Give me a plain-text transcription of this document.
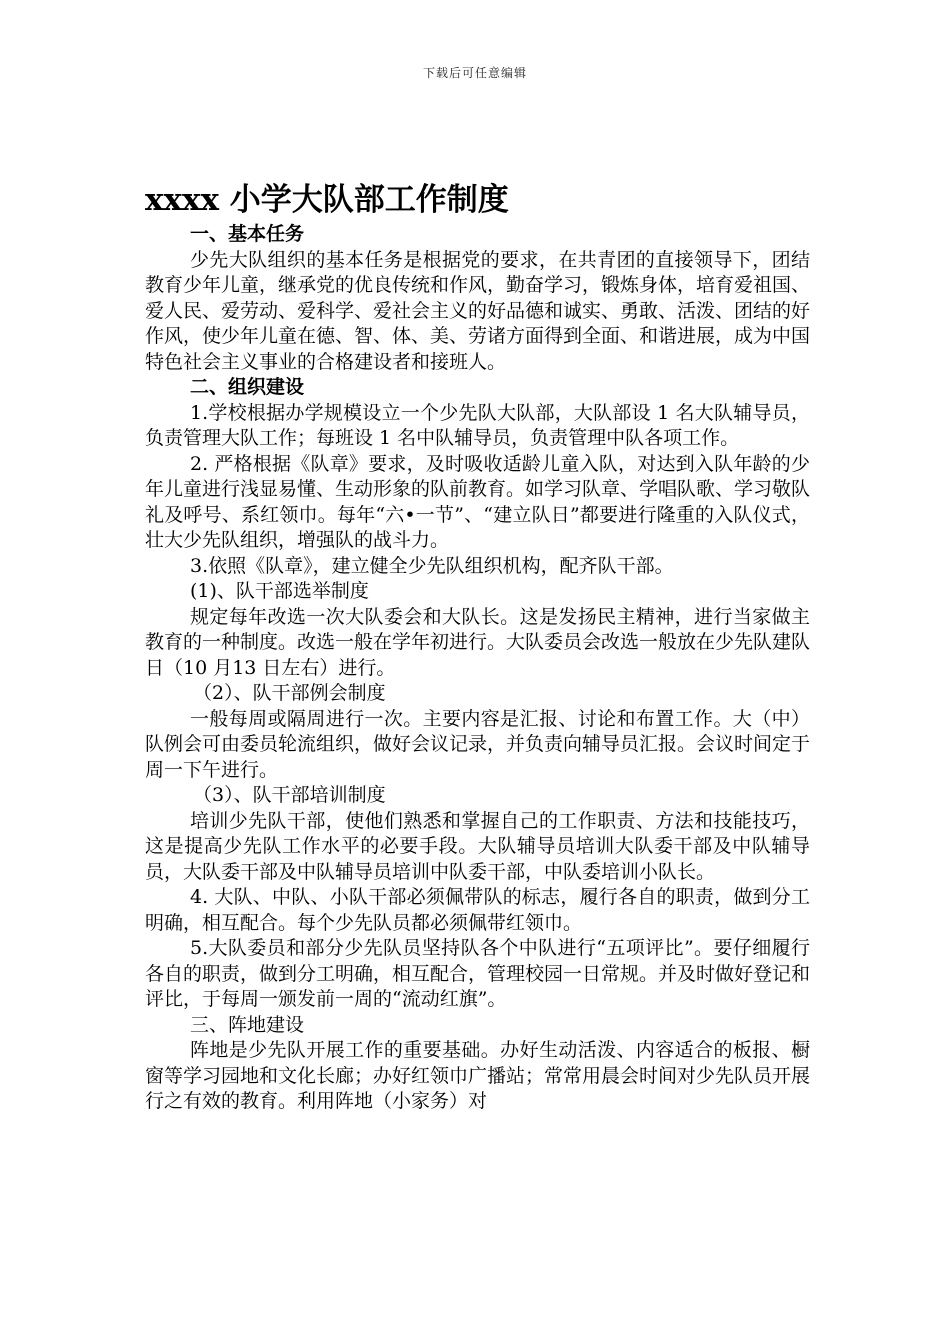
下载后可任意编辑
xxxx 小学大队部工作制度

一、基本任务

少先大队组织的基本任务是根据党的要求，在共青团的直接领导下，团结教育少年儿童，继承党的优良传统和作风，勤奋学习，锻炼身体，培育爱祖国、爱人民、爱劳动、爱科学、爱社会主义的好品德和诚实、勇敢、活泼、团结的好作风，使少年儿童在德、智、体、美、劳诸方面得到全面、和谐进展，成为中国特色社会主义事业的合格建设者和接班人。

二、组织建设

1.学校根据办学规模设立一个少先队大队部，大队部设 1 名大队辅导员，负责管理大队工作；每班设 1 名中队辅导员，负责管理中队各项工作。

2. 严格根据《队章》要求，及时吸收适龄儿童入队，对达到入队年龄的少年儿童进行浅显易懂、生动形象的队前教育。如学习队章、学唱队歌、学习敬队礼及呼号、系红领巾。每年“六•一节”、“建立队日”都要进行隆重的入队仪式，壮大少先队组织，增强队的战斗力。

3.依照《队章》，建立健全少先队组织机构，配齐队干部。

(1)、队干部选举制度

规定每年改选一次大队委会和大队长。这是发扬民主精神，进行当家做主教育的一种制度。改选一般在学年初进行。大队委员会改选一般放在少先队建队日（10 月13 日左右）进行。

（2）、队干部例会制度

一般每周或隔周进行一次。主要内容是汇报、讨论和布置工作。大（中）队例会可由委员轮流组织，做好会议记录，并负责向辅导员汇报。会议时间定于周一下午进行。

（3）、队干部培训制度

培训少先队干部，使他们熟悉和掌握自己的工作职责、方法和技能技巧，这是提高少先队工作水平的必要手段。大队辅导员培训大队委干部及中队辅导员，大队委干部及中队辅导员培训中队委干部，中队委培训小队长。

4. 大队、中队、小队干部必须佩带队的标志，履行各自的职责，做到分工明确，相互配合。每个少先队员都必须佩带红领巾。

5.大队委员和部分少先队员坚持队各个中队进行“五项评比”。要仔细履行各自的职责，做到分工明确，相互配合，管理校园一日常规。并及时做好登记和评比，于每周一颁发前一周的“流动红旗”。

三、阵地建设

阵地是少先队开展工作的重要基础。办好生动活泼、内容适合的板报、橱窗等学习园地和文化长廊；办好红领巾广播站；常常用晨会时间对少先队员开展行之有效的教育。利用阵地（小家务）对
